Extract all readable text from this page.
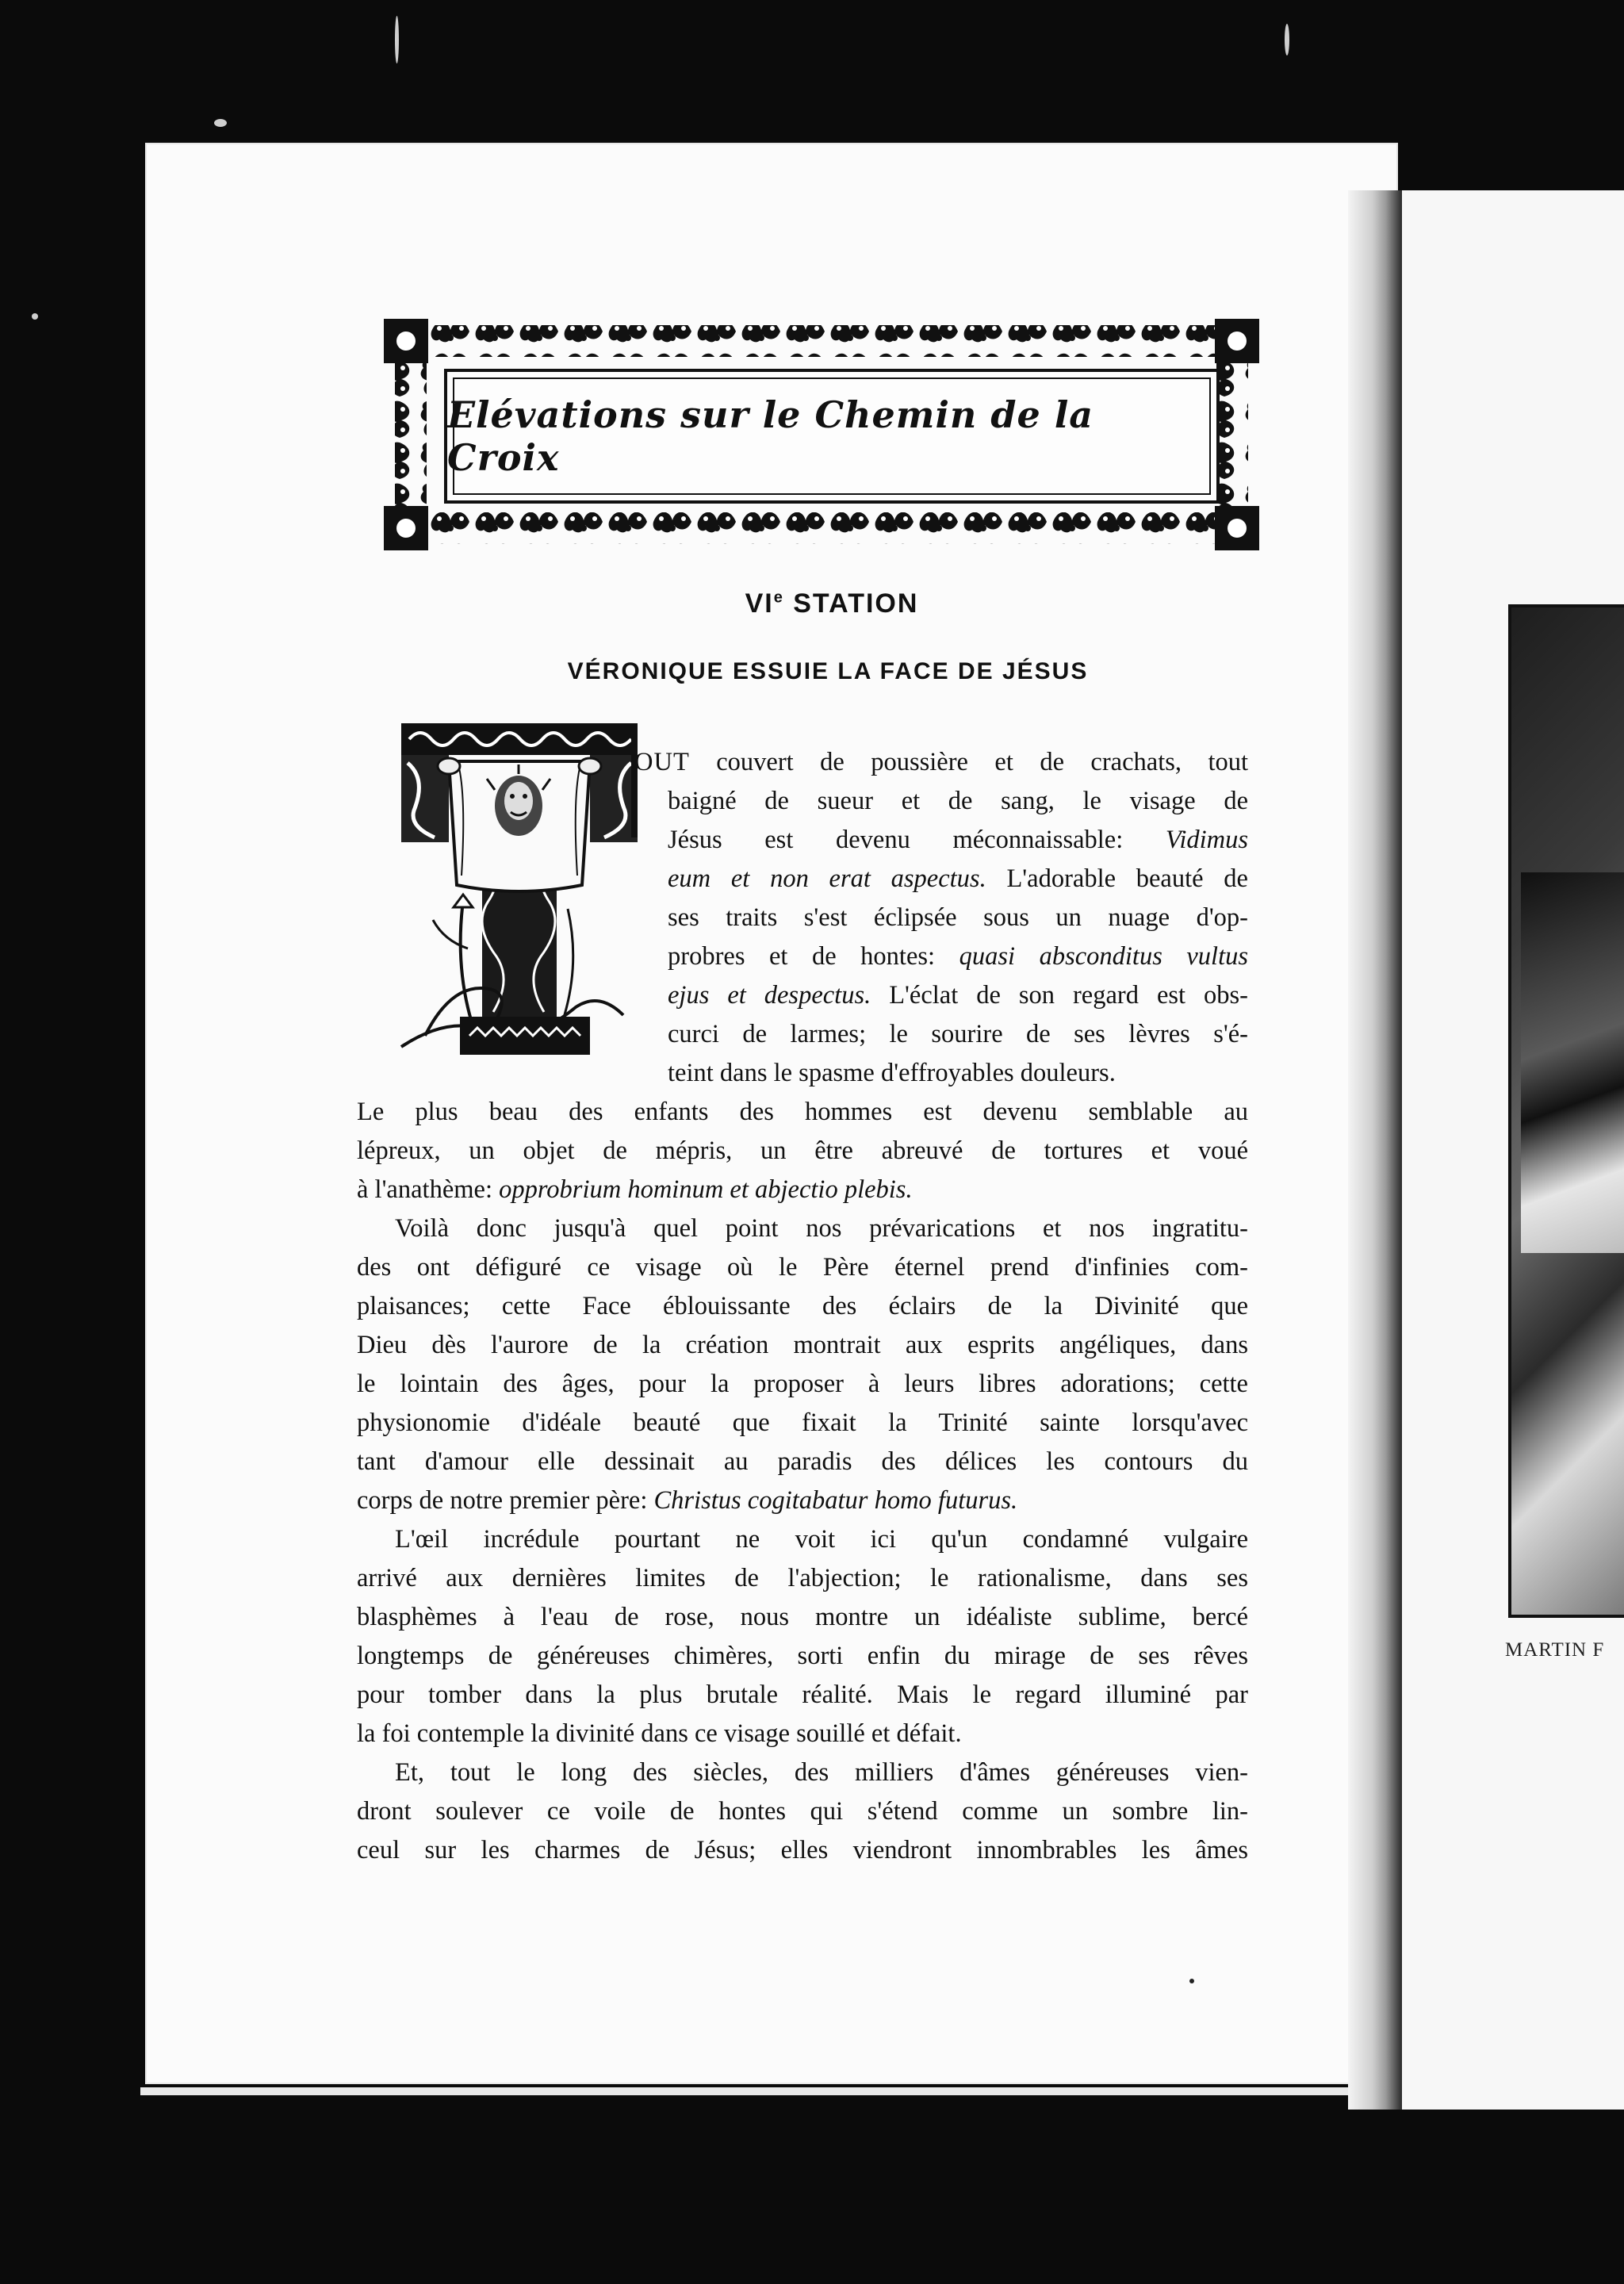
MARTIN F
Elévations sur le Chemin de la Croix
VIe STATION
VÉRONIQUE ESSUIE LA FACE DE JÉSUS
OUT couvert de poussière et de crachats, tout
baigné de sueur et de sang, le visage de
Jésus est devenu méconnaissable: Vidimus
eum et non erat aspectus. L'adorable beauté de
ses traits s'est éclipsée sous un nuage d'op-
probres et de hontes: quasi absconditus vultus
ejus et despectus. L'éclat de son regard est obs-
curci de larmes; le sourire de ses lèvres s'é-
teint dans le spasme d'effroyables douleurs.
Le plus beau des enfants des hommes est devenu semblable au
lépreux, un objet de mépris, un être abreuvé de tortures et voué
à l'anathème: opprobrium hominum et abjectio plebis.
Voilà donc jusqu'à quel point nos prévarications et nos ingratitu-
des ont défiguré ce visage où le Père éternel prend d'infinies com-
plaisances; cette Face éblouissante des éclairs de la Divinité que
Dieu dès l'aurore de la création montrait aux esprits angéliques, dans
le lointain des âges, pour la proposer à leurs libres adorations; cette
physionomie d'idéale beauté que fixait la Trinité sainte lorsqu'avec
tant d'amour elle dessinait au paradis des délices les contours du
corps de notre premier père: Christus cogitabatur homo futurus.
L'œil incrédule pourtant ne voit ici qu'un condamné vulgaire
arrivé aux dernières limites de l'abjection; le rationalisme, dans ses
blasphèmes à l'eau de rose, nous montre un idéaliste sublime, bercé
longtemps de généreuses chimères, sorti enfin du mirage de ses rêves
pour tomber dans la plus brutale réalité. Mais le regard illuminé par
la foi contemple la divinité dans ce visage souillé et défait.
Et, tout le long des siècles, des milliers d'âmes généreuses vien-
dront soulever ce voile de hontes qui s'étend comme un sombre lin-
ceul sur les charmes de Jésus; elles viendront innombrables les âmes
